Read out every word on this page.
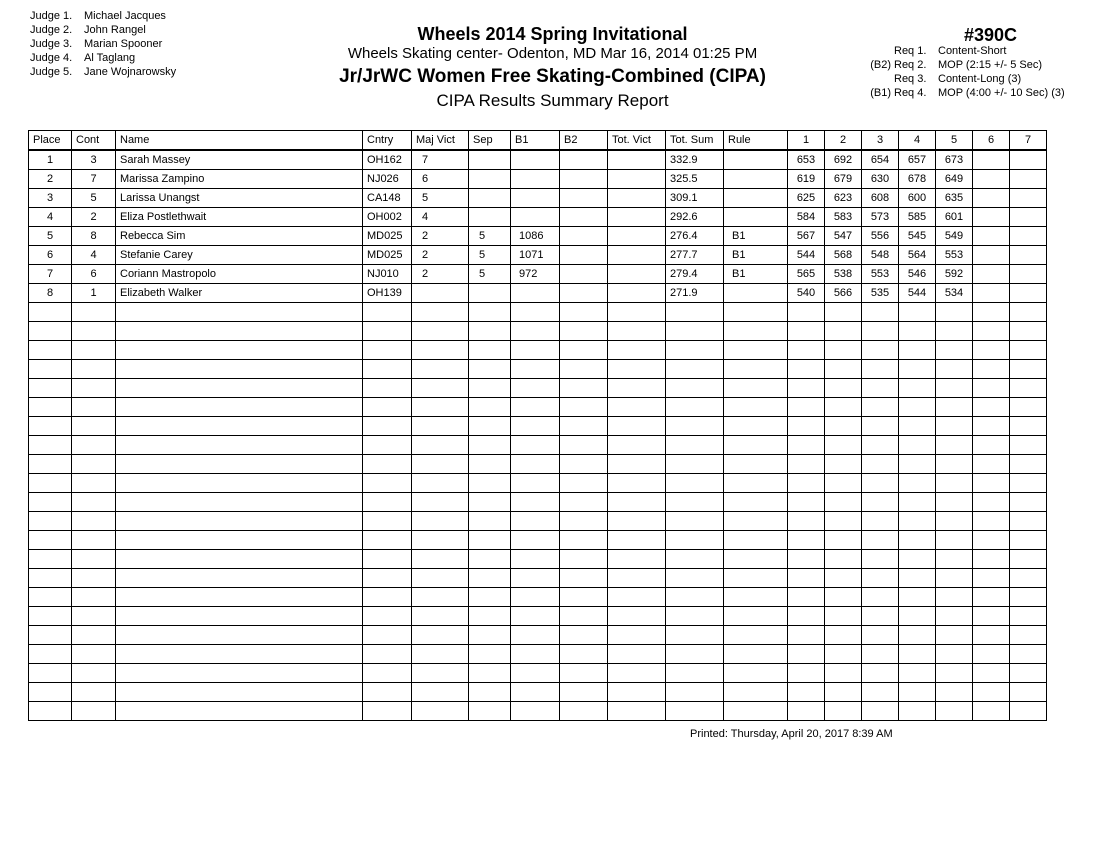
Judge 1. Michael Jacques
Judge 2. John Rangel
Judge 3. Marian Spooner
Judge 4. Al Taglang
Judge 5. Jane Wojnarowsky
Wheels 2014 Spring Invitational
Wheels Skating center- Odenton, MD Mar 16, 2014 01:25 PM
Jr/JrWC Women Free Skating-Combined (CIPA)
CIPA Results Summary Report
#390C
Req 1. Content-Short
(B2) Req 2. MOP (2:15 +/- 5 Sec)
Req 3. Content-Long (3)
(B1) Req 4. MOP (4:00 +/- 10 Sec) (3)
Place	Cont	Name	Cntry	Maj Vict	Sep	B1	B2	Tot. Vict	Tot. Sum	Rule	1	2	3	4	5	6	7
1	3	Sarah Massey	OH162	7					332.9		653	692	654	657	673		
2	7	Marissa Zampino	NJ026	6					325.5		619	679	630	678	649		
3	5	Larissa Unangst	CA148	5					309.1		625	623	608	600	635		
4	2	Eliza Postlethwait	OH002	4					292.6		584	583	573	585	601		
5	8	Rebecca Sim	MD025	2	5	1086			276.4	B1	567	547	556	545	549		
6	4	Stefanie Carey	MD025	2	5	1071			277.7	B1	544	568	548	564	553		
7	6	Coriann Mastropolo	NJ010	2	5	972			279.4	B1	565	538	553	546	592		
8	1	Elizabeth Walker	OH139						271.9		540	566	535	544	534		

Printed: Thursday, April 20, 2017 8:39 AM
